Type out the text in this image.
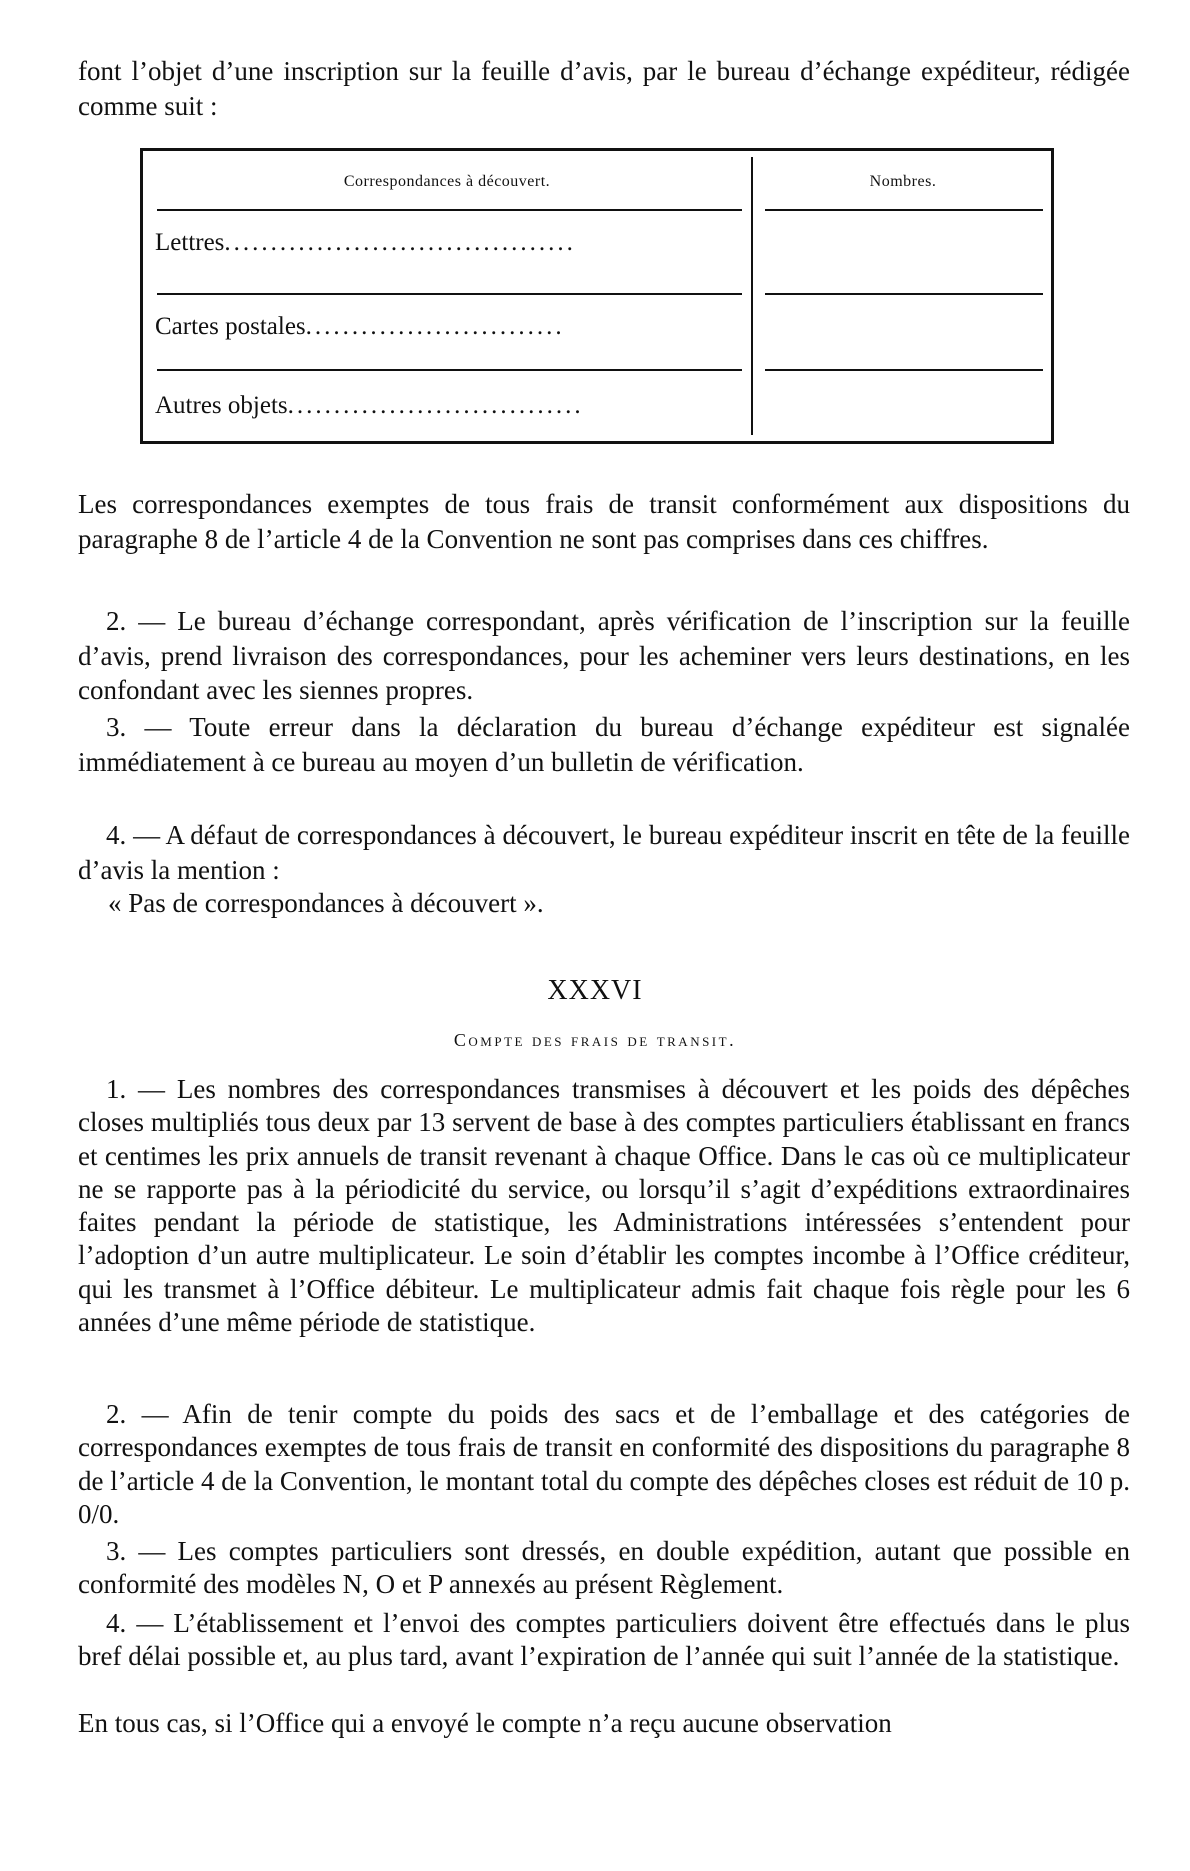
font l’objet d’une inscription sur la feuille d’avis, par le bureau d’échange expéditeur, rédigée comme suit :

Correspondances à découvert.	Nombres.
Lettres......................................
Cartes postales............................
Autres objets................................

Les correspondances exemptes de tous frais de transit conformément aux dispositions du paragraphe 8 de l’article 4 de la Convention ne sont pas comprises dans ces chiffres.

2. — Le bureau d’échange correspondant, après vérification de l’inscription sur la feuille d’avis, prend livraison des correspondances, pour les acheminer vers leurs destinations, en les confondant avec les siennes propres.

3. — Toute erreur dans la déclaration du bureau d’échange expéditeur est signalée immédiatement à ce bureau au moyen d’un bulletin de vérification.

4. — A défaut de correspondances à découvert, le bureau expéditeur inscrit en tête de la feuille d’avis la mention :

« Pas de correspondances à découvert ».

XXXVI

Compte des frais de transit.

1. — Les nombres des correspondances transmises à découvert et les poids des dépêches closes multipliés tous deux par 13 servent de base à des comptes particuliers établissant en francs et centimes les prix annuels de transit revenant à chaque Office. Dans le cas où ce multiplicateur ne se rapporte pas à la périodicité du service, ou lorsqu’il s’agit d’expéditions extraordinaires faites pendant la période de statistique, les Administrations intéressées s’entendent pour l’adoption d’un autre multiplicateur. Le soin d’établir les comptes incombe à l’Office créditeur, qui les transmet à l’Office débiteur. Le multiplicateur admis fait chaque fois règle pour les 6 années d’une même période de statistique.

2. — Afin de tenir compte du poids des sacs et de l’emballage et des catégories de correspondances exemptes de tous frais de transit en conformité des dispositions du paragraphe 8 de l’article 4 de la Convention, le montant total du compte des dépêches closes est réduit de 10 p. 0/0.

3. — Les comptes particuliers sont dressés, en double expédition, autant que possible en conformité des modèles N, O et P annexés au présent Règlement.

4. — L’établissement et l’envoi des comptes particuliers doivent être effectués dans le plus bref délai possible et, au plus tard, avant l’expiration de l’année qui suit l’année de la statistique.

En tous cas, si l’Office qui a envoyé le compte n’a reçu aucune observation
